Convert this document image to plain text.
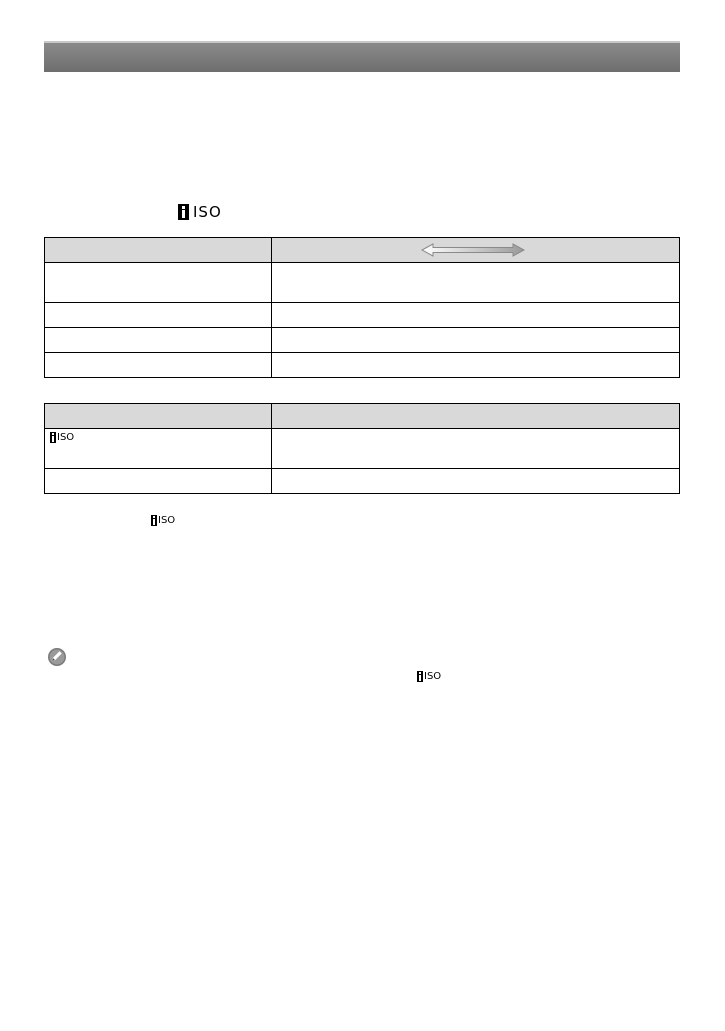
ISO

ISO	

ISO
ISO
